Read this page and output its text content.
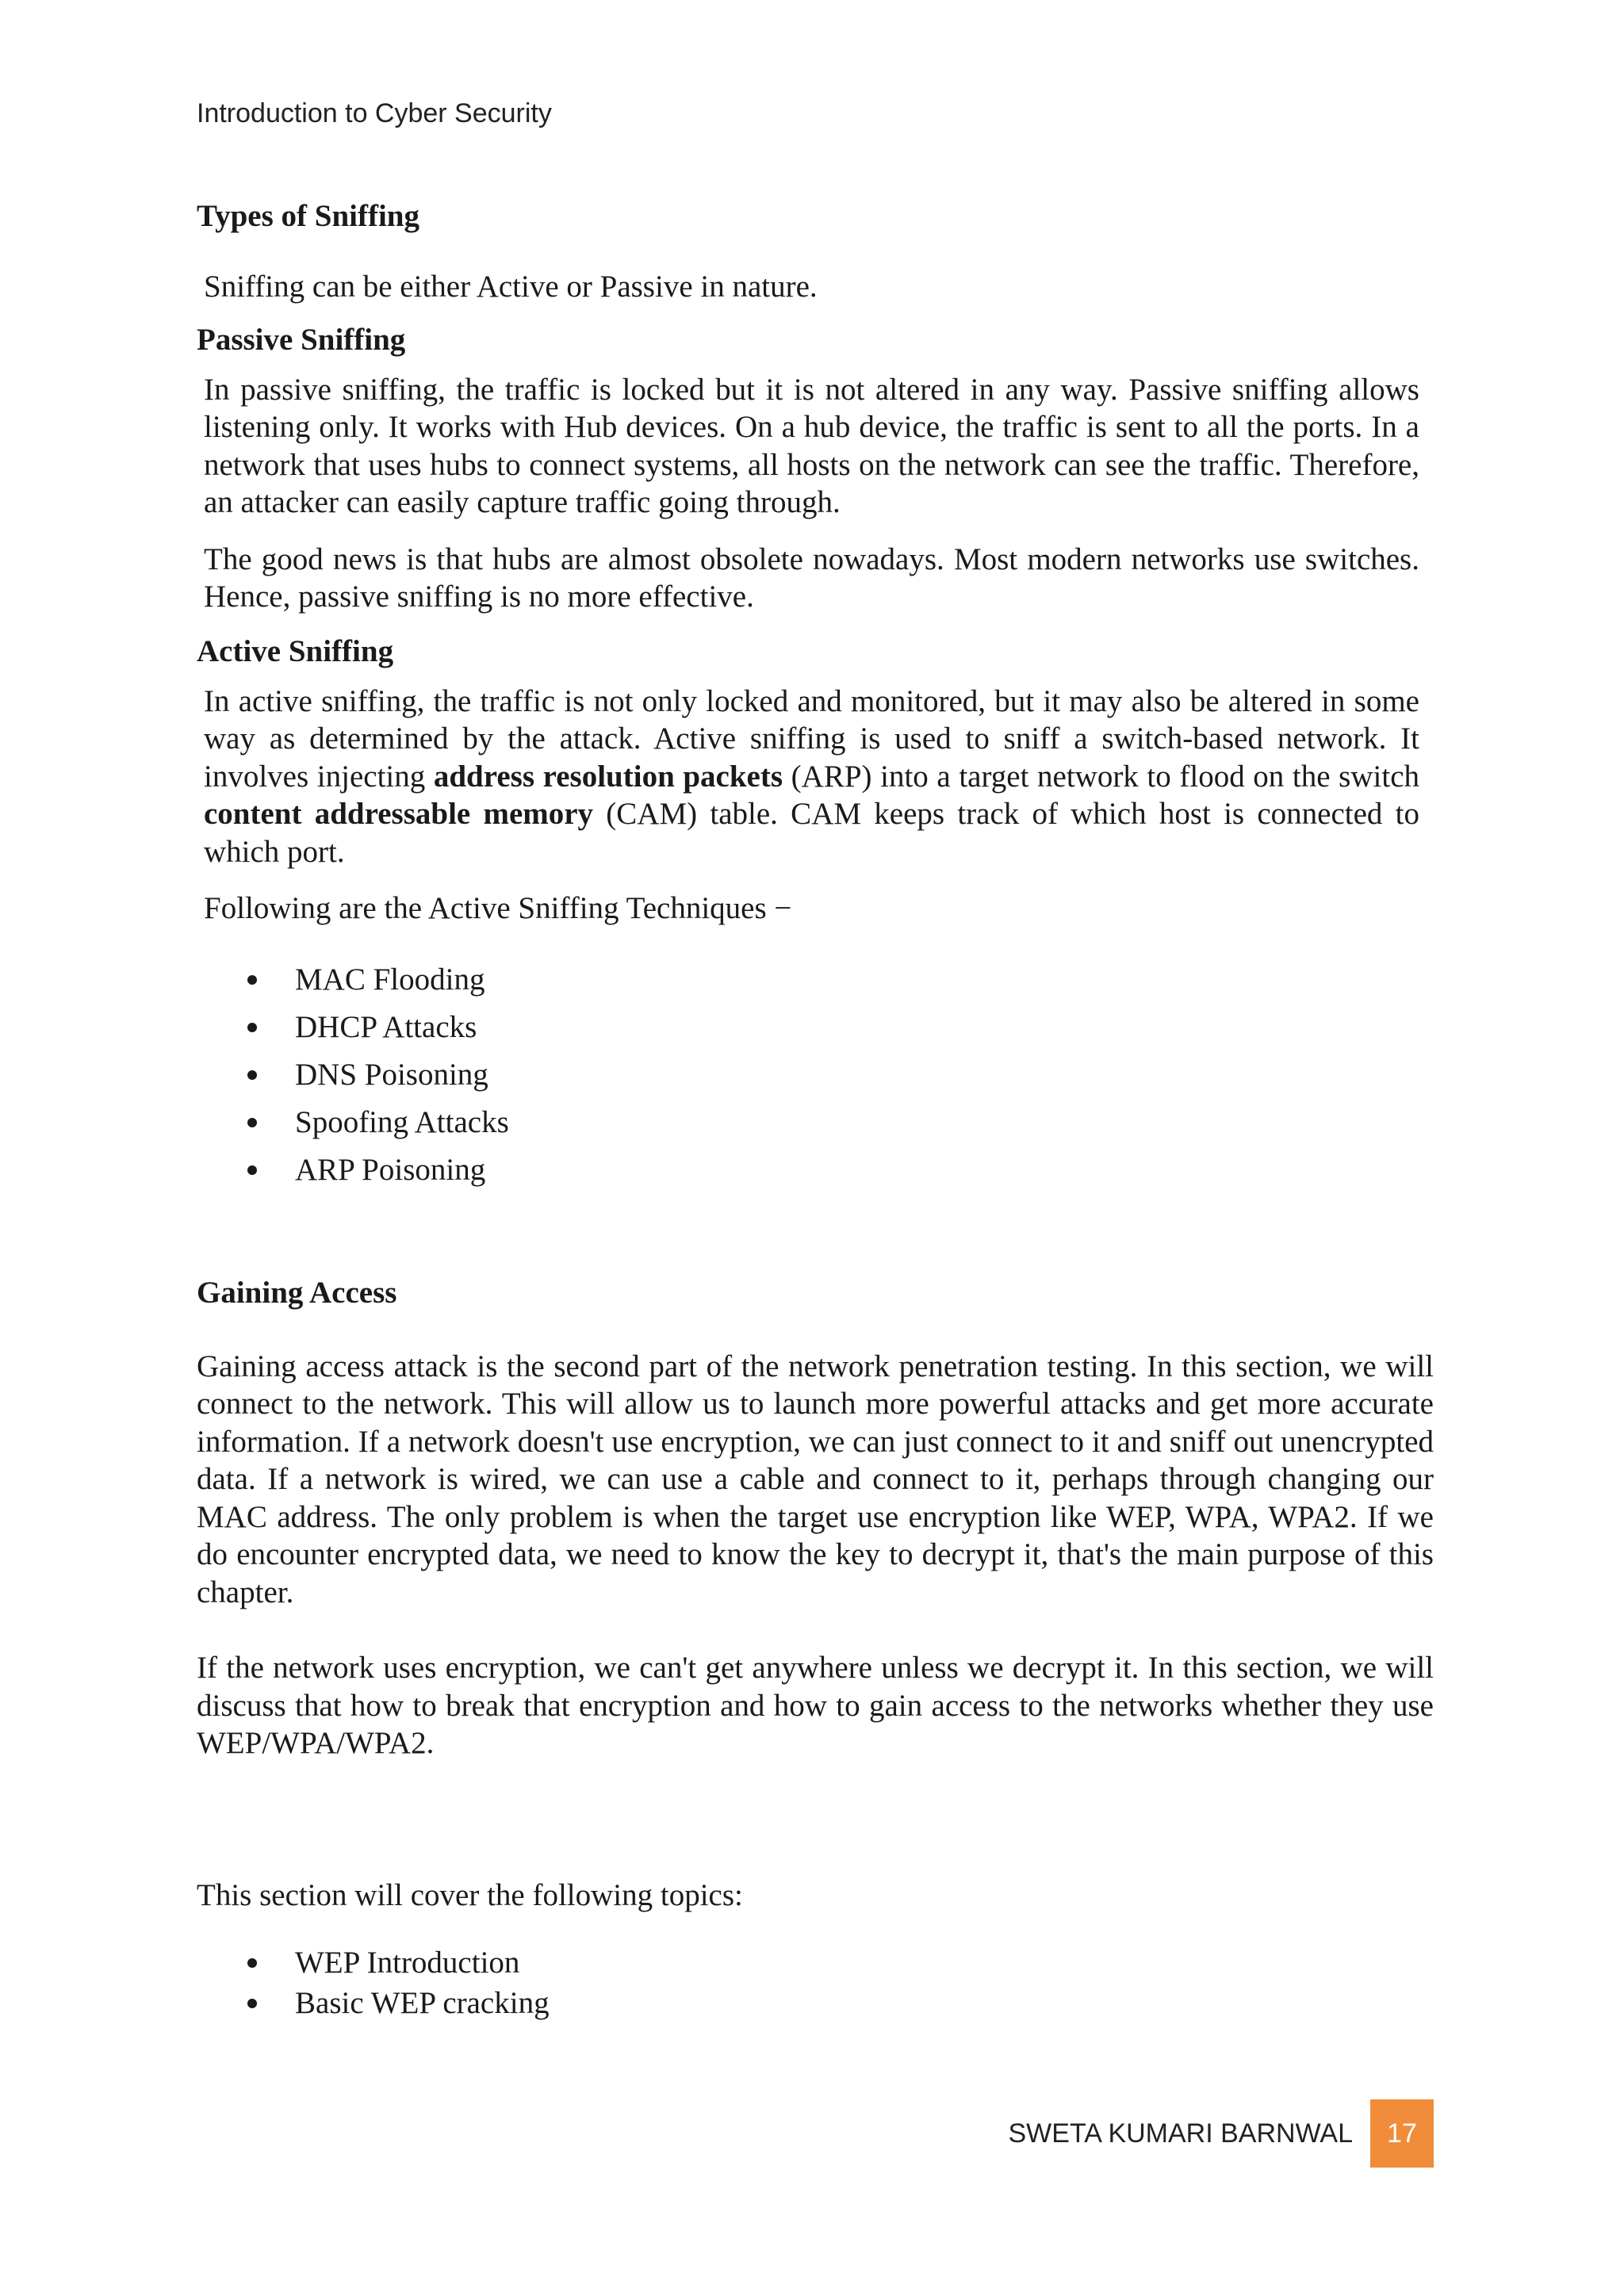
Introduction to Cyber Security
Types of Sniffing
Sniffing can be either Active or Passive in nature.
Passive Sniffing
In passive sniffing, the traffic is locked but it is not altered in any way. Passive sniffing allows listening only. It works with Hub devices. On a hub device, the traffic is sent to all the ports. In a network that uses hubs to connect systems, all hosts on the network can see the traffic. Therefore, an attacker can easily capture traffic going through.
The good news is that hubs are almost obsolete nowadays. Most modern networks use switches. Hence, passive sniffing is no more effective.
Active Sniffing
In active sniffing, the traffic is not only locked and monitored, but it may also be altered in some way as determined by the attack. Active sniffing is used to sniff a switch-based network. It involves injecting address resolution packets (ARP) into a target network to flood on the switch content addressable memory (CAM) table. CAM keeps track of which host is connected to which port.
Following are the Active Sniffing Techniques −
MAC Flooding
DHCP Attacks
DNS Poisoning
Spoofing Attacks
ARP Poisoning
Gaining Access
Gaining access attack is the second part of the network penetration testing. In this section, we will connect to the network. This will allow us to launch more powerful attacks and get more accurate information. If a network doesn't use encryption, we can just connect to it and sniff out unencrypted data. If a network is wired, we can use a cable and connect to it, perhaps through changing our MAC address. The only problem is when the target use encryption like WEP, WPA, WPA2. If we do encounter encrypted data, we need to know the key to decrypt it, that's the main purpose of this chapter.
If the network uses encryption, we can't get anywhere unless we decrypt it. In this section, we will discuss that how to break that encryption and how to gain access to the networks whether they use WEP/WPA/WPA2.
This section will cover the following topics:
WEP Introduction
Basic WEP cracking
SWETA KUMARI BARNWAL	17
